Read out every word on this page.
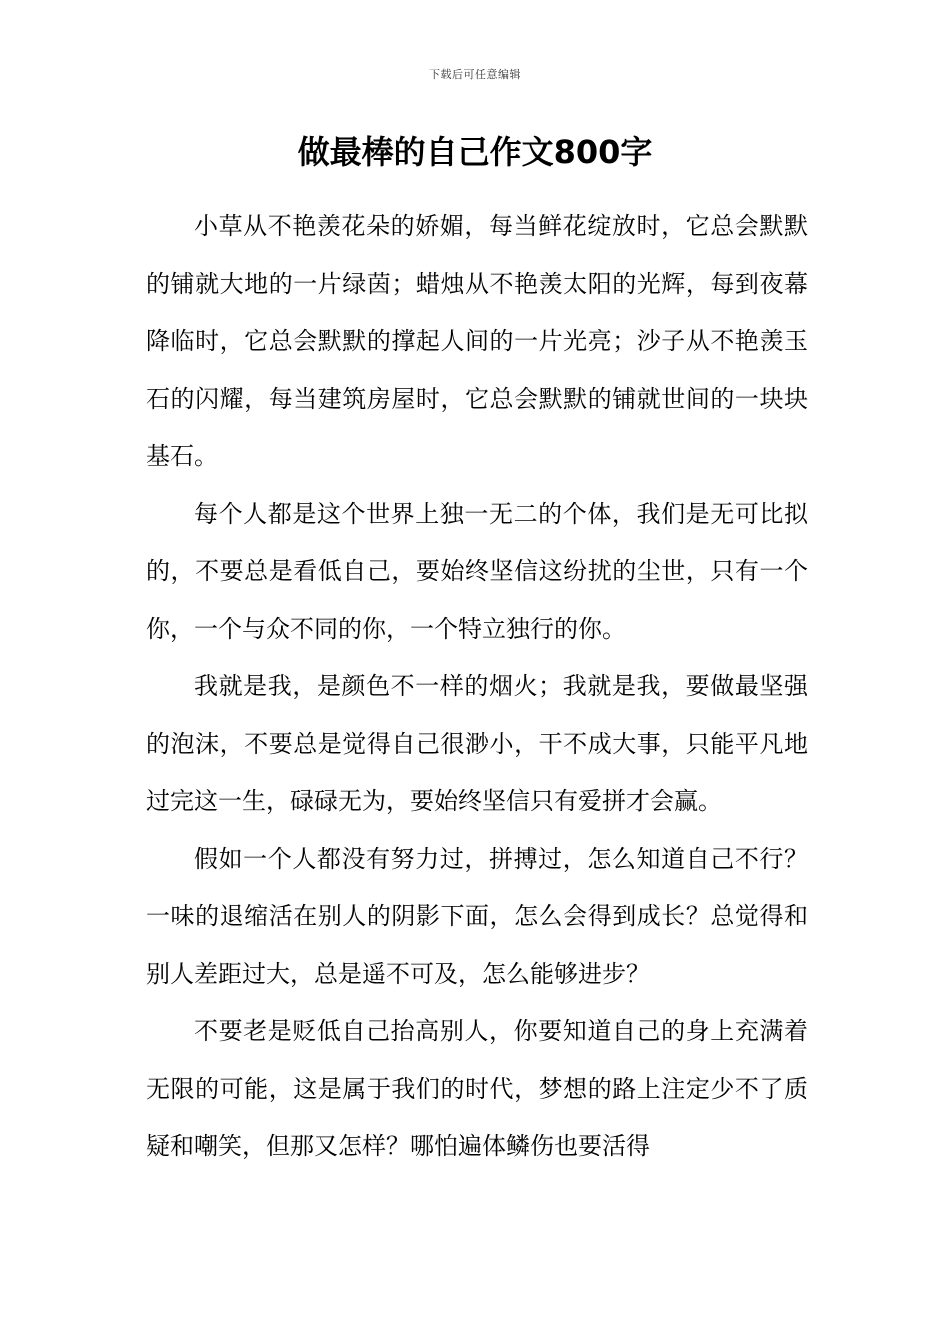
下载后可任意编辑
做最棒的自己作文800字

小草从不艳羡花朵的娇媚，每当鲜花绽放时，它总会默默的铺就大地的一片绿茵；蜡烛从不艳羡太阳的光辉，每到夜幕降临时，它总会默默的撑起人间的一片光亮；沙子从不艳羡玉石的闪耀，每当建筑房屋时，它总会默默的铺就世间的一块块基石。

每个人都是这个世界上独一无二的个体，我们是无可比拟的，不要总是看低自己，要始终坚信这纷扰的尘世，只有一个你，一个与众不同的你，一个特立独行的你。

我就是我，是颜色不一样的烟火；我就是我，要做最坚强的泡沫，不要总是觉得自己很渺小，干不成大事，只能平凡地过完这一生，碌碌无为，要始终坚信只有爱拼才会赢。

假如一个人都没有努力过，拼搏过，怎么知道自己不行？一味的退缩活在别人的阴影下面，怎么会得到成长？总觉得和别人差距过大，总是遥不可及，怎么能够进步？

不要老是贬低自己抬高别人，你要知道自己的身上充满着无限的可能，这是属于我们的时代，梦想的路上注定少不了质疑和嘲笑，但那又怎样？哪怕遍体鳞伤也要活得
